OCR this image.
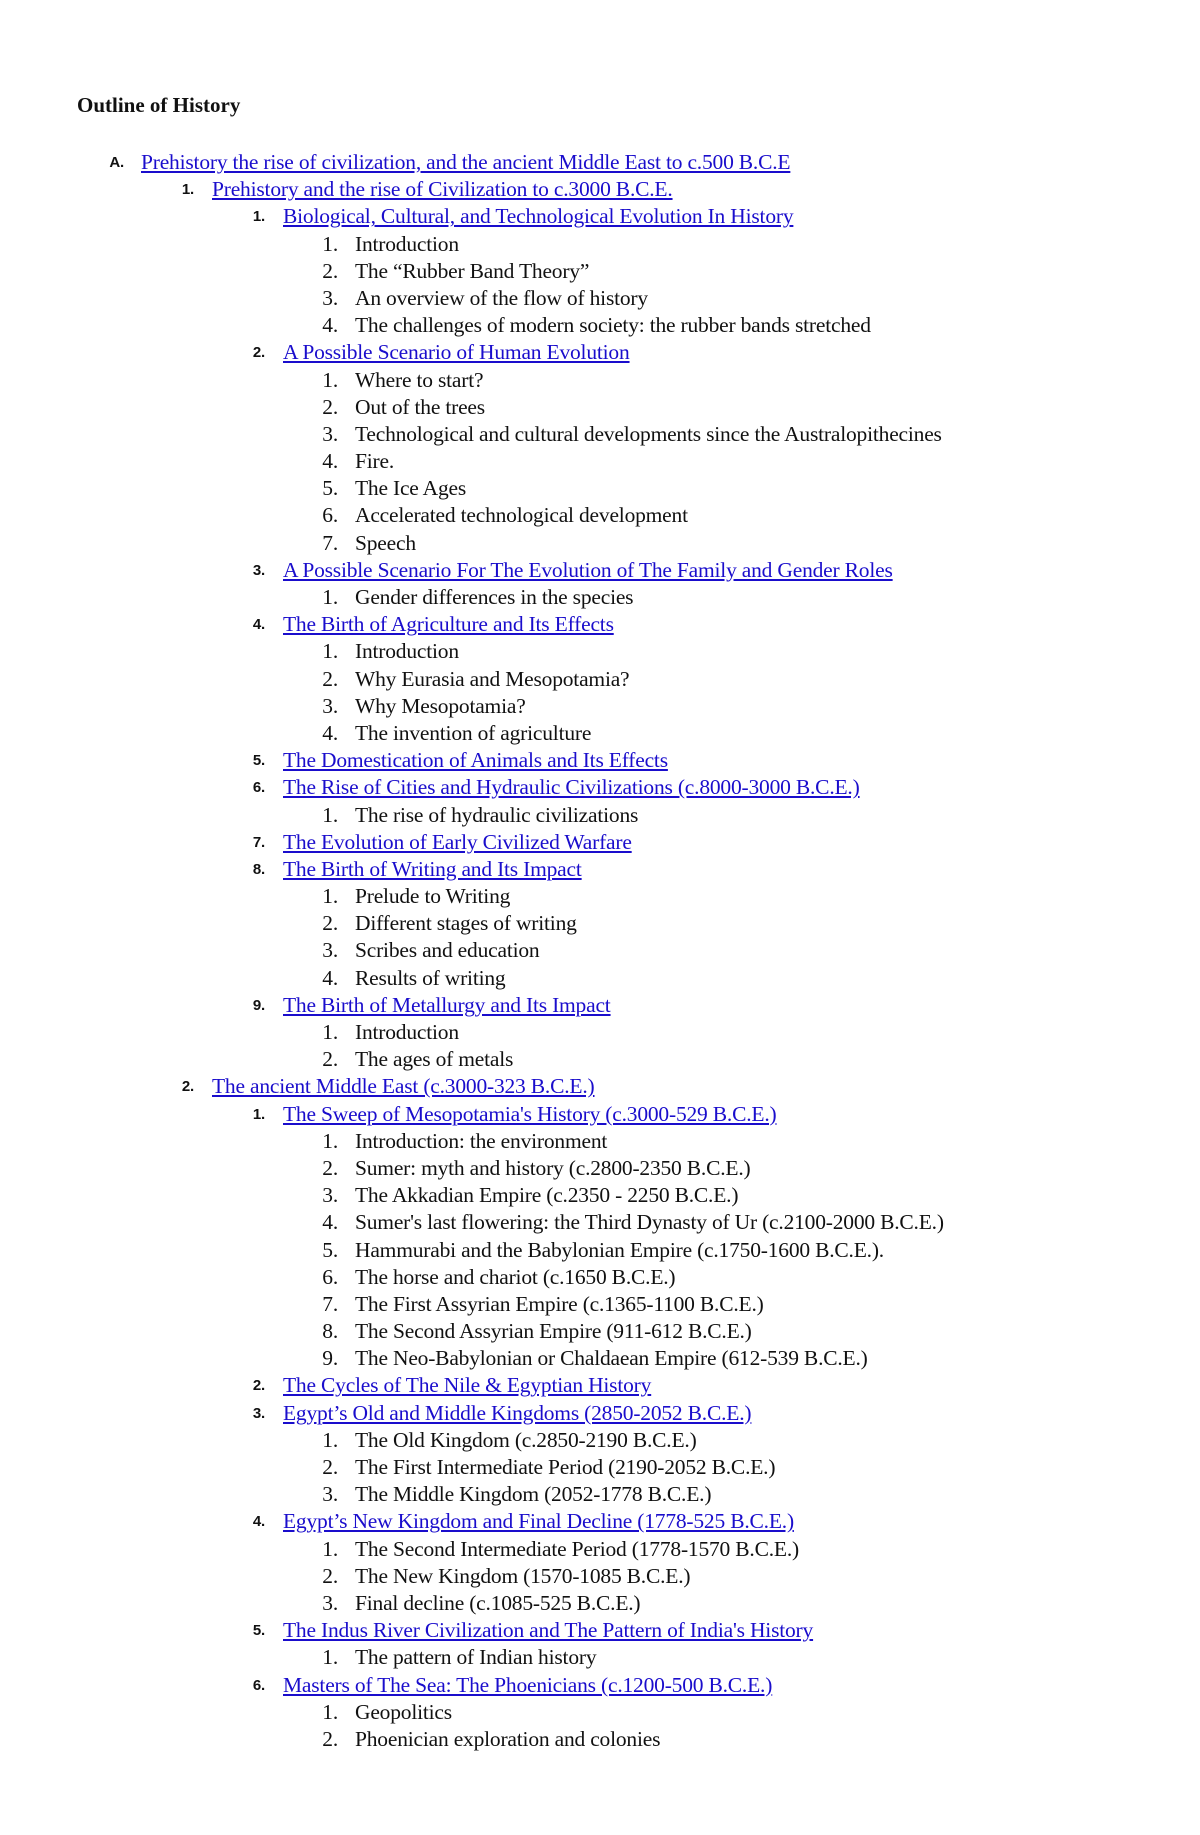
Outline of History
A. Prehistory the rise of civilization, and the ancient Middle East to c.500 B.C.E
1. Prehistory and the rise of Civilization to c.3000 B.C.E.
1. Biological, Cultural, and Technological Evolution In History
1. Introduction
2. The “Rubber Band Theory”
3. An overview of the flow of history
4. The challenges of modern society: the rubber bands stretched
2. A Possible Scenario of Human Evolution
1. Where to start?
2. Out of the trees
3. Technological and cultural developments since the Australopithecines
4. Fire.
5. The Ice Ages
6. Accelerated technological development
7. Speech
3. A Possible Scenario For The Evolution of The Family and Gender Roles
1. Gender differences in the species
4. The Birth of Agriculture and Its Effects
1. Introduction
2. Why Eurasia and Mesopotamia?
3. Why Mesopotamia?
4. The invention of agriculture
5. The Domestication of Animals and Its Effects
6. The Rise of Cities and Hydraulic Civilizations (c.8000-3000 B.C.E.)
1. The rise of hydraulic civilizations
7. The Evolution of Early Civilized Warfare
8. The Birth of Writing and Its Impact
1. Prelude to Writing
2. Different stages of writing
3. Scribes and education
4. Results of writing
9. The Birth of Metallurgy and Its Impact
1. Introduction
2. The ages of metals
2. The ancient Middle East (c.3000-323 B.C.E.)
1. The Sweep of Mesopotamia's History (c.3000-529 B.C.E.)
1. Introduction: the environment
2. Sumer: myth and history (c.2800-2350 B.C.E.)
3. The Akkadian Empire (c.2350 - 2250 B.C.E.)
4. Sumer's last flowering: the Third Dynasty of Ur (c.2100-2000 B.C.E.)
5. Hammurabi and the Babylonian Empire (c.1750-1600 B.C.E.).
6. The horse and chariot (c.1650 B.C.E.)
7. The First Assyrian Empire (c.1365-1100 B.C.E.)
8. The Second Assyrian Empire (911-612 B.C.E.)
9. The Neo-Babylonian or Chaldaean Empire (612-539 B.C.E.)
2. The Cycles of The Nile & Egyptian History
3. Egypt’s Old and Middle Kingdoms (2850-2052 B.C.E.)
1. The Old Kingdom (c.2850-2190 B.C.E.)
2. The First Intermediate Period (2190-2052 B.C.E.)
3. The Middle Kingdom (2052-1778 B.C.E.)
4. Egypt’s New Kingdom and Final Decline (1778-525 B.C.E.)
1. The Second Intermediate Period (1778-1570 B.C.E.)
2. The New Kingdom (1570-1085 B.C.E.)
3. Final decline (c.1085-525 B.C.E.)
5. The Indus River Civilization and The Pattern of India's History
1. The pattern of Indian history
6. Masters of The Sea: The Phoenicians (c.1200-500 B.C.E.)
1. Geopolitics
2. Phoenician exploration and colonies
